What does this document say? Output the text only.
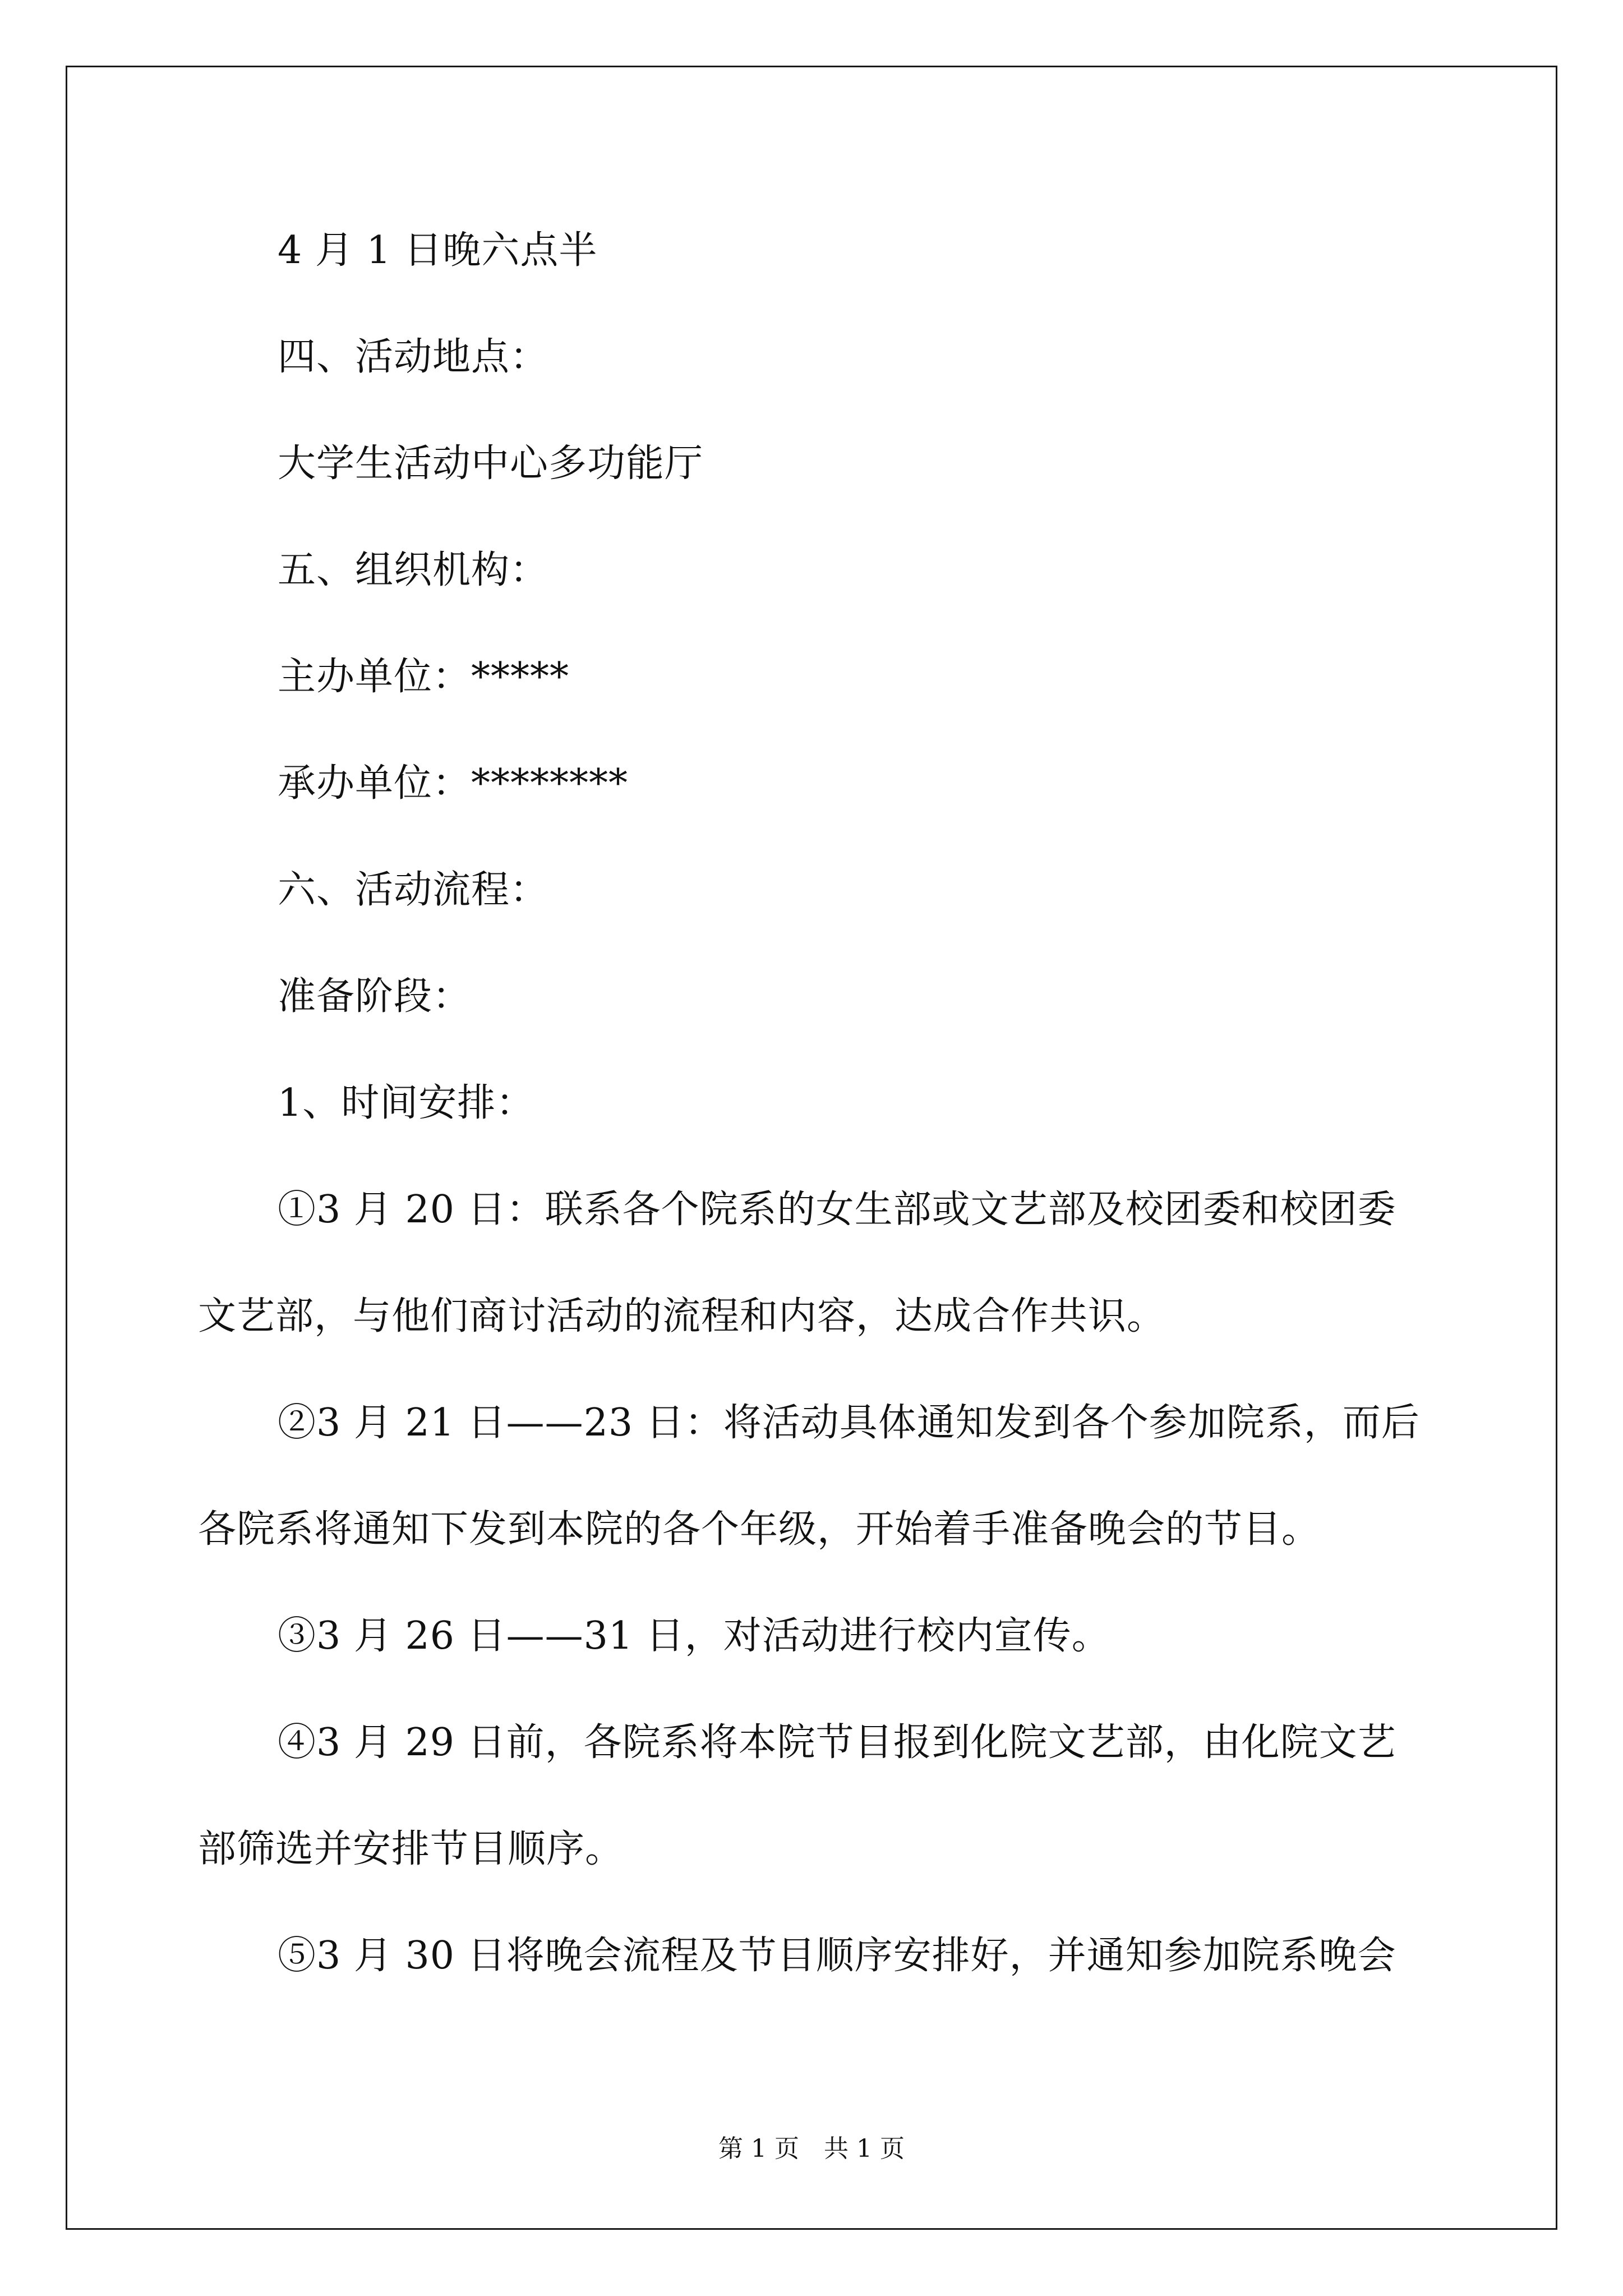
4 月 1 日晚六点半
四、活动地点：
大学生活动中心多功能厅
五、组织机构：
主办单位：*****
承办单位：********
六、活动流程：
准备阶段：
1、时间安排：
①3 月 20 日：联系各个院系的女生部或文艺部及校团委和校团委
文艺部，与他们商讨活动的流程和内容，达成合作共识。
②3 月 21 日——23 日：将活动具体通知发到各个参加院系，而后
各院系将通知下发到本院的各个年级，开始着手准备晚会的节目。
③3 月 26 日——31 日，对活动进行校内宣传。
④3 月 29 日前，各院系将本院节目报到化院文艺部，由化院文艺
部筛选并安排节目顺序。
⑤3 月 30 日将晚会流程及节目顺序安排好，并通知参加院系晚会
第 1 页　共 1 页
